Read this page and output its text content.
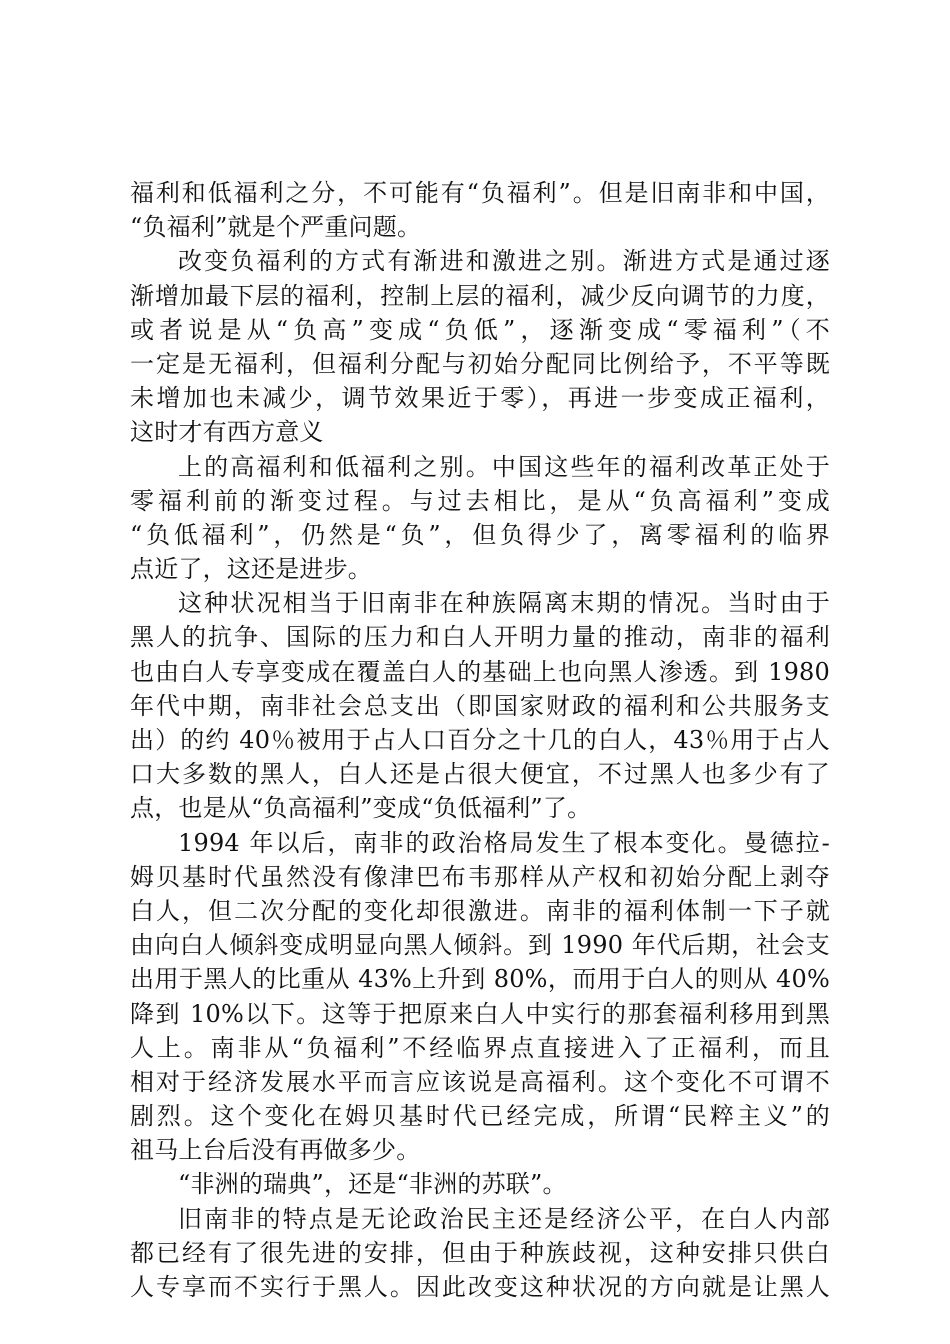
福利和低福利之分，不可能有“负福利”。但是旧南非和中国，
“负福利”就是个严重问题。
改变负福利的方式有渐进和激进之别。渐进方式是通过逐
渐增加最下层的福利，控制上层的福利，减少反向调节的力度，
或者说是从“负高”变成“负低”，逐渐变成“零福利”（不
一定是无福利，但福利分配与初始分配同比例给予，不平等既
未增加也未减少，调节效果近于零），再进一步变成正福利，
这时才有西方意义
上的高福利和低福利之别。中国这些年的福利改革正处于
零福利前的渐变过程。与过去相比，是从“负高福利”变成
“负低福利”，仍然是“负”，但负得少了，离零福利的临界
点近了，这还是进步。
这种状况相当于旧南非在种族隔离末期的情况。当时由于
黑人的抗争、国际的压力和白人开明力量的推动，南非的福利
也由白人专享变成在覆盖白人的基础上也向黑人渗透。到 1980
年代中期，南非社会总支出（即国家财政的福利和公共服务支
出）的约 40％被用于占人口百分之十几的白人，43％用于占人
口大多数的黑人，白人还是占很大便宜，不过黑人也多少有了
点，也是从“负高福利”变成“负低福利”了。
1994 年以后，南非的政治格局发生了根本变化。曼德拉-
姆贝基时代虽然没有像津巴布韦那样从产权和初始分配上剥夺
白人，但二次分配的变化却很激进。南非的福利体制一下子就
由向白人倾斜变成明显向黑人倾斜。到 1990 年代后期，社会支
出用于黑人的比重从 43%上升到 80%，而用于白人的则从 40%
降到 10%以下。这等于把原来白人中实行的那套福利移用到黑
人上。南非从“负福利”不经临界点直接进入了正福利，而且
相对于经济发展水平而言应该说是高福利。这个变化不可谓不
剧烈。这个变化在姆贝基时代已经完成，所谓“民粹主义”的
祖马上台后没有再做多少。
“非洲的瑞典”，还是“非洲的苏联”。
旧南非的特点是无论政治民主还是经济公平，在白人内部
都已经有了很先进的安排，但由于种族歧视，这种安排只供白
人专享而不实行于黑人。因此改变这种状况的方向就是让黑人
